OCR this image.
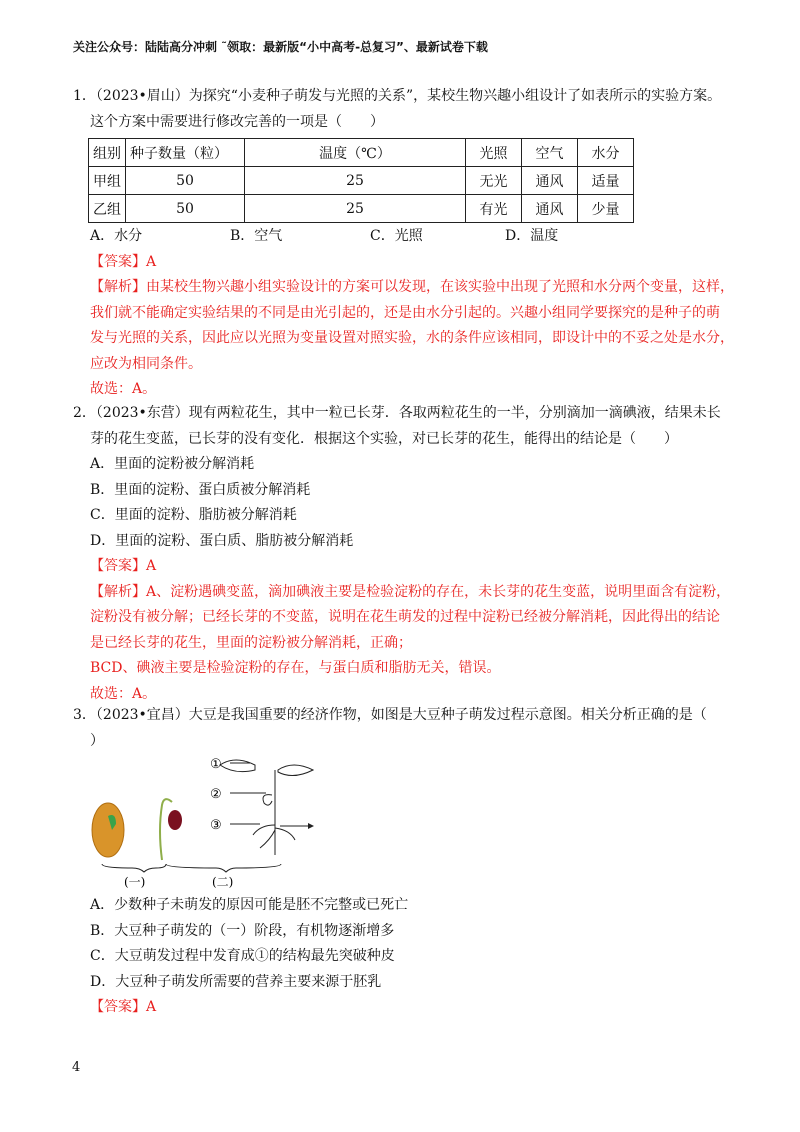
关注公众号：陆陆高分冲刺 ˜领取：最新版“小中高考-总复习”、最新试卷下载
1．（2023•眉山）为探究“小麦种子萌发与光照的关系”，某校生物兴趣小组设计了如表所示的实验方案。
这个方案中需要进行修改完善的一项是（　　）
组别	种子数量（粒）	温度（℃）	光照	空气	水分
甲组	50	25	无光	通风	适量
乙组	50	25	有光	通风	少量
A．水分	B．空气	C．光照	D．温度
【答案】A
【解析】由某校生物兴趣小组实验设计的方案可以发现，在该实验中出现了光照和水分两个变量，这样，
我们就不能确定实验结果的不同是由光引起的，还是由水分引起的。兴趣小组同学要探究的是种子的萌
发与光照的关系，因此应以光照为变量设置对照实验，水的条件应该相同，即设计中的不妥之处是水分，
应改为相同条件。
故选：A。
2．（2023•东营）现有两粒花生，其中一粒已长芽．各取两粒花生的一半，分别滴加一滴碘液，结果未长
芽的花生变蓝，已长芽的没有变化．根据这个实验，对已长芽的花生，能得出的结论是（　　）
A．里面的淀粉被分解消耗
B．里面的淀粉、蛋白质被分解消耗
C．里面的淀粉、脂肪被分解消耗
D．里面的淀粉、蛋白质、脂肪被分解消耗
【答案】A
【解析】A、淀粉遇碘变蓝，滴加碘液主要是检验淀粉的存在，未长芽的花生变蓝，说明里面含有淀粉，
淀粉没有被分解；已经长芽的不变蓝，说明在花生萌发的过程中淀粉已经被分解消耗，因此得出的结论
是已经长芽的花生，里面的淀粉被分解消耗，正确；
BCD、碘液主要是检验淀粉的存在，与蛋白质和脂肪无关，错误。
故选：A。
3．（2023•宜昌）大豆是我国重要的经济作物，如图是大豆种子萌发过程示意图。相关分析正确的是（
）
①
②
③
(一)	(二)
A．少数种子未萌发的原因可能是胚不完整或已死亡
B．大豆种子萌发的（一）阶段，有机物逐渐增多
C．大豆萌发过程中发育成①的结构最先突破种皮
D．大豆种子萌发所需要的营养主要来源于胚乳
【答案】A
4
